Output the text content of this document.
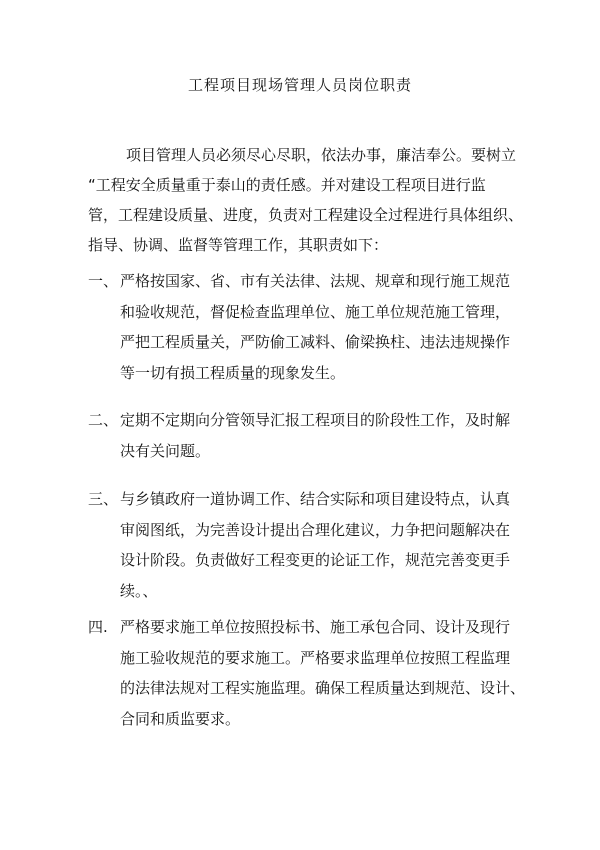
工程项目现场管理人员岗位职责
项目管理人员必须尽心尽职，依法办事，廉洁奉公。要树立
“工程安全质量重于泰山的责任感。并对建设工程项目进行监
管，工程建设质量、进度，负责对工程建设全过程进行具体组织、
指导、协调、监督等管理工作，其职责如下：
一、 严格按国家、省、市有关法律、法规、规章和现行施工规范
和验收规范，督促检查监理单位、施工单位规范施工管理，
严把工程质量关，严防偷工减料、偷梁换柱、违法违规操作
等一切有损工程质量的现象发生。
二、 定期不定期向分管领导汇报工程项目的阶段性工作，及时解
决有关问题。
三、 与乡镇政府一道协调工作、结合实际和项目建设特点，认真
审阅图纸，为完善设计提出合理化建议，力争把问题解决在
设计阶段。负责做好工程变更的论证工作，规范完善变更手
续。、
四. 严格要求施工单位按照投标书、施工承包合同、设计及现行
施工验收规范的要求施工。严格要求监理单位按照工程监理
的法律法规对工程实施监理。确保工程质量达到规范、设计、
合同和质监要求。
